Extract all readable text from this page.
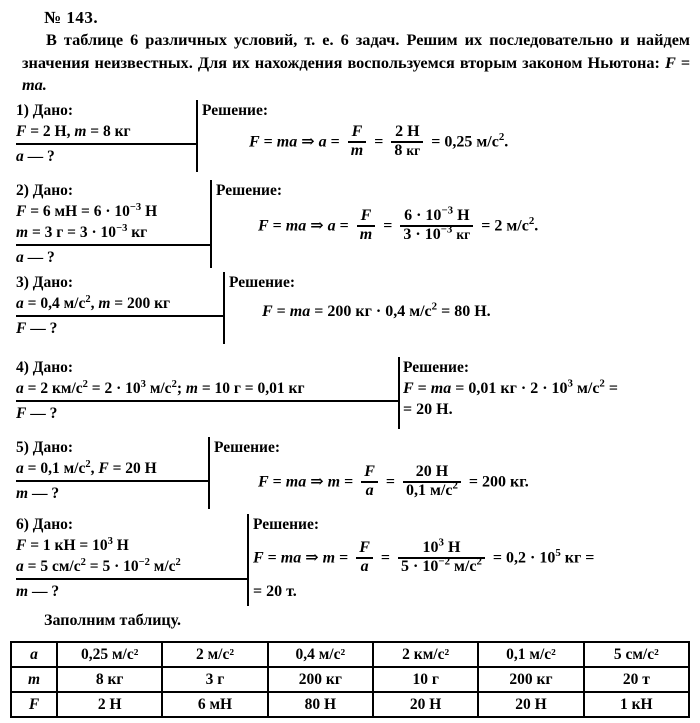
№ 143.
В таблице 6 различных условий, т. е. 6 задач. Решим их последовательно и найдем значения неизвестных. Для их нахождения воспользуемся вторым законом Ньютона: F = ma.
1) Дано:
F = 2 Н, m = 8 кг
a — ?
Решение:
F = ma ⇒ $a = \frac{F}{m} = \frac{2 Н}{8 кг} = 0,25$ $м/с^2$.
2) Дано:
F = 6 мН = $6 \cdot 10^{-3}$ Н
m = 3 $г = 3 \cdot 10^{-3}$ кг
a — ?
Решение:
F = ma ⇒ $a = \frac{F}{m} = \frac{6 \cdot 10^{-3} Н}{3 \cdot 10^{-3} кг} = 2$ $м/с^2$.
3) Дано:
a = 0,4 $м/с^2$, m = 200 кг
F — ?
Решение:
F = ma = 200 кг · 0,4 $м/с^2 = 80$ Н.
4) Дано:
a = 2 $км/с^2 = 2 \cdot 10^3$ $м/с^2$; m = 10 г = 0,01 кг
F — ?
Решение:
F = ma = 0,01 кг · $2 \cdot 10^3$ $м/с^2$ =
= 20 Н.
5) Дано:
a = 0,1 $м/с^2$, F = 20 Н
m — ?
Решение:
F = ma ⇒ $m = \frac{F}{a} = \frac{20 Н}{0,1 м/с^2} = 200$ кг.
6) Дано:
F = 1 кН = $10^3$ Н
a = 5 $см/с^2 = 5 \cdot 10^{-2}$ $м/с^2$
m — ?
Решение:
F = ma ⇒ $m = \frac{F}{a} = \frac{10^3 Н}{5 \cdot 10^{-2} м/с^2} = 0,2 \cdot 10^5$ кг =
= 20 т.
Заполним таблицу.
a	0,25 м/с²	2 м/с²	0,4 м/с²	2 км/с²	0,1 м/с²	5 см/с²
m	8 кг	3 г	200 кг	10 г	200 кг	20 т
F	2 Н	6 мН	80 Н	20 Н	20 Н	1 кН
